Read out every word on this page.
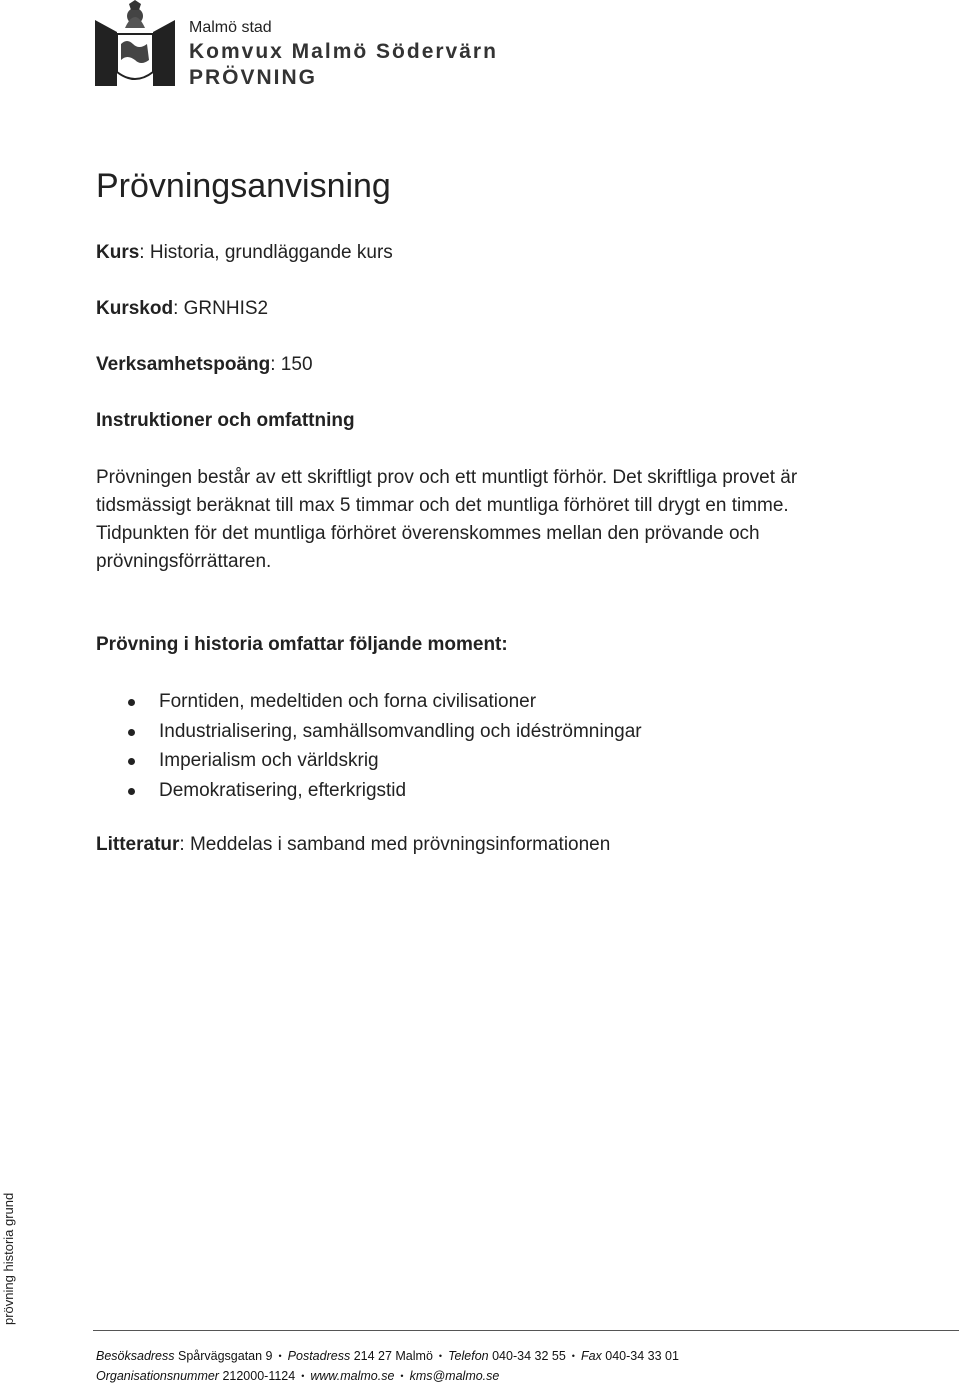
Malmö stad
Komvux Malmö Södervärn
PRÖVNING
Prövningsanvisning

Kurs: Historia, grundläggande kurs

Kurskod: GRNHIS2

Verksamhetspoäng: 150

Instruktioner och omfattning

Prövningen består av ett skriftligt prov och ett muntligt förhör. Det skriftliga provet är tidsmässigt beräknat till max 5 timmar och det muntliga förhöret till drygt en timme.
Tidpunkten för det muntliga förhöret överenskommes mellan den prövande och prövningsförrättaren.

Prövning i historia omfattar följande moment:

Forntiden, medeltiden och forna civilisationer
Industrialisering, samhällsomvandling och idéströmningar
Imperialism och världskrig
Demokratisering, efterkrigstid

Litteratur: Meddelas i samband med prövningsinformationen

prövning historia grund
Besöksadress Spårvägsgatan 9 • Postadress 214 27 Malmö • Telefon 040-34 32 55 • Fax 040-34 33 01
Organisationsnummer 212000-1124 • www.malmo.se • kms@malmo.se
